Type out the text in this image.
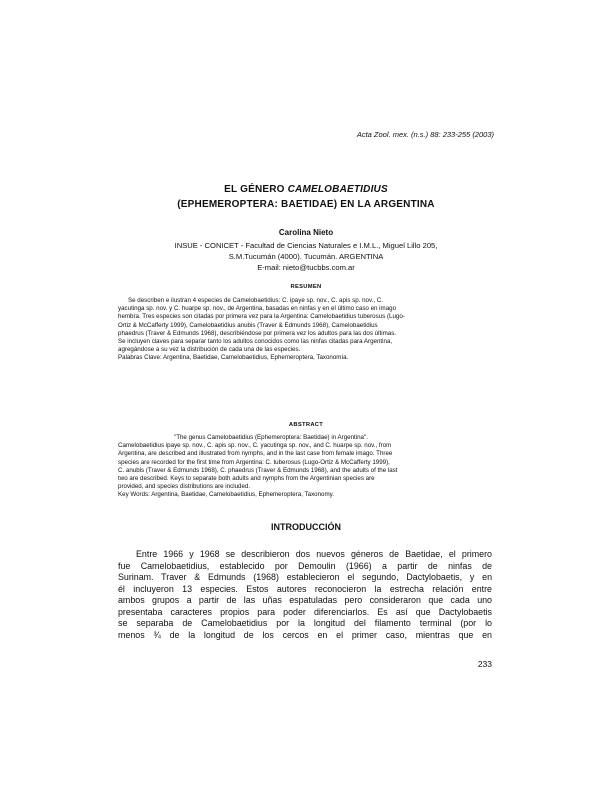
Acta Zool. mex. (n.s.) 88: 233-255 (2003)
EL GÉNERO CAMELOBAETIDIUS
(EPHEMEROPTERA: BAETIDAE) EN LA ARGENTINA
Carolina Nieto
INSUE - CONICET - Facultad de Ciencias Naturales e I.M.L., Miguel Lillo 205,
S.M.Tucumán (4000). Tucumán. ARGENTINA
E-mail: nieto@tucbbs.com.ar
RESUMEN
Se describen e ilustran 4 especies de Camelobaetidius: C. ipaye sp. nov., C. apis sp. nov., C.
yacutinga sp. nov. y C. huarpe sp. nov., de Argentina, basadas en ninfas y en el último caso en imago
hembra. Tres especies son citadas por primera vez para la Argentina: Camelobaetidius tuberosus (Lugo-
Ortiz & McCafferty 1999), Camelobaetidius anubis (Traver & Edmunds 1968), Camelobaetidius
phaedrus (Traver & Edmunds 1968), describiéndose por primera vez los adultos para las dos últimas.
Se incluyen claves para separar tanto los adultos conocidos como las ninfas citadas para Argentina,
agregándose a su vez la distribución de cada una de las especies.
Palabras Clave: Argentina, Baetidae, Camelobaetidius, Ephemeroptera, Taxonomía.
ABSTRACT
"The genus Camelobaetidius (Ephemeroptera: Baetidae) in Argentina".
Camelobaetidius ipaye sp. nov., C. apis sp. nov., C. yacutinga sp. nov., and C. huarpe sp. nov., from
Argentina, are described and illustrated from nymphs, and in the last case from female imago. Three
species are recorded for the first time from Argentina: C. tuberosus (Lugo-Ortiz & McCafferty 1999),
C. anubis (Traver & Edmunds 1968), C. phaedrus (Traver & Edmunds 1968), and the adults of the last
two are described. Keys to separate both adults and nymphs from the Argentinian species are
provided, and species distributions are included.
Key Words: Argentina, Baetidae, Camelobaetidius, Ephemeroptera, Taxonomy.
INTRODUCCIÓN
Entre 1966 y 1968 se describieron dos nuevos géneros de Baetidae, el primero
fue Camelobaetidius, establecido por Demoulin (1966) a partir de ninfas de
Surinam. Traver & Edmunds (1968) establecieron el segundo, Dactylobaetis, y en
él incluyeron 13 especies. Estos autores reconocieron la estrecha relación entre
ambos grupos a partir de las uñas espatuladas pero consideraron que cada uno
presentaba caracteres propios para poder diferenciarlos. Es así que Dactylobaetis
se separaba de Camelobaetidius por la longitud del filamento terminal (por lo
menos ¾ de la longitud de los cercos en el primer caso, mientras que en
233
